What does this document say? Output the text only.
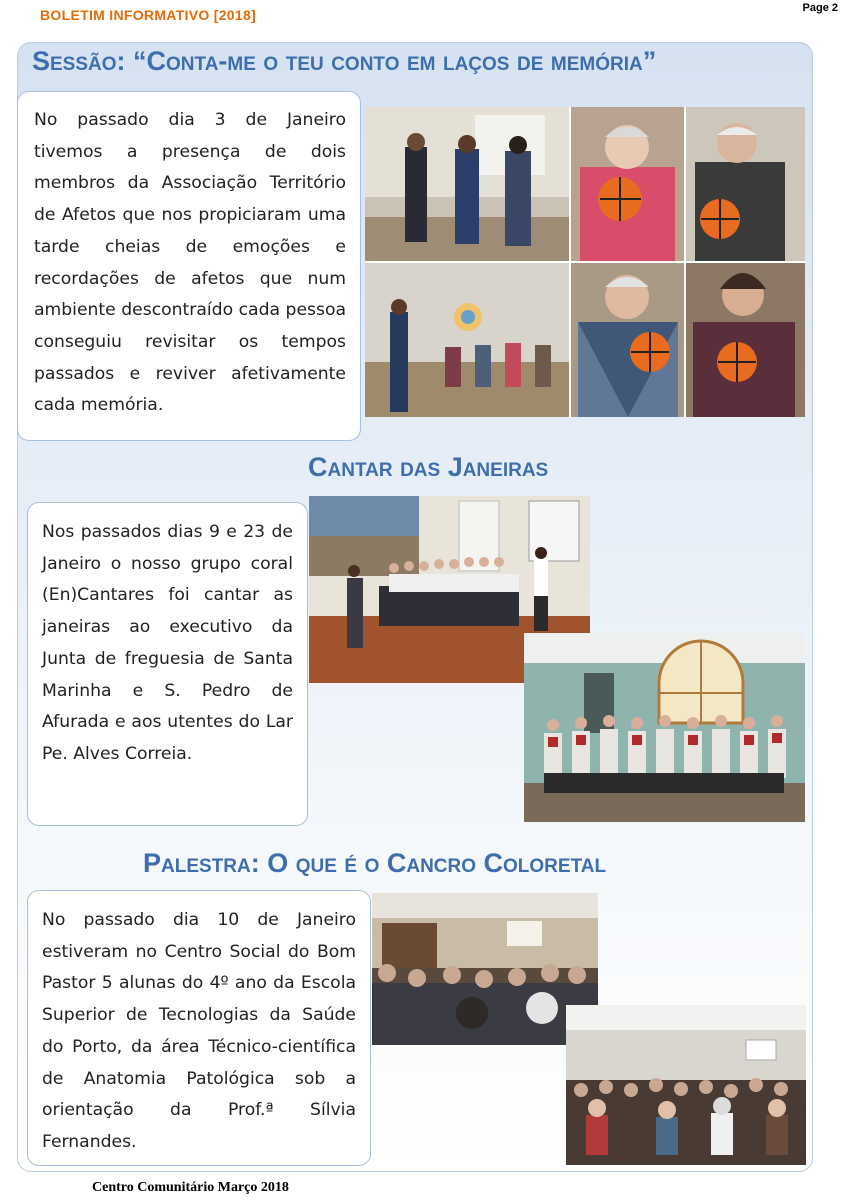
BOLETIM INFORMATIVO [2018]	Page 2
Sessão: “Conta-me o teu conto em laços de memória”
No passado dia 3 de Janeiro tivemos a presença de dois membros da Associação Território de Afetos que nos propiciaram uma tarde cheias de emoções e recordações de afetos que num ambiente descontraído cada pessoa conseguiu revisitar os tempos passados e reviver afetivamente cada memória.
Cantar das Janeiras
Nos passados dias 9 e 23 de Janeiro o nosso grupo coral (En)Cantares foi cantar as janeiras ao executivo da Junta de freguesia de Santa Marinha e S. Pedro de Afurada e aos utentes do Lar Pe. Alves Correia.
Palestra: O que é o Cancro Coloretal
No passado dia 10 de Janeiro estiveram no Centro Social do Bom Pastor 5 alunas do 4º ano da Escola Superior de Tecnologias da Saúde do Porto, da área Técnico-científica de Anatomia Patológica sob a orientação da Prof.ª Sílvia Fernandes.
Centro Comunitário Março 2018
